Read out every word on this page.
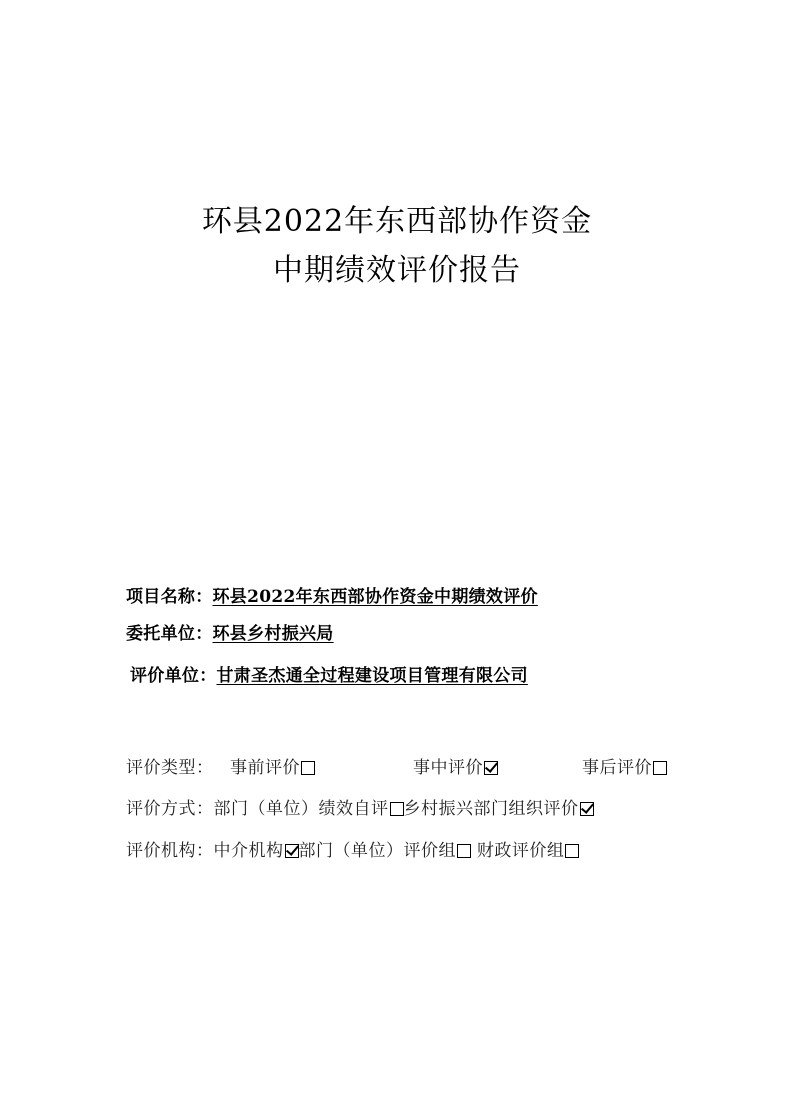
环县2022年东西部协作资金
中期绩效评价报告
项目名称：环县2022年东西部协作资金中期绩效评价
委托单位：环县乡村振兴局
评价单位：甘肃圣杰通全过程建设项目管理有限公司
评价类型： 事前评价	事中评价	事后评价
评价方式：部门（单位）绩效自评 乡村振兴部门组织评价
评价机构：中介机构 部门（单位）评价组 财政评价组
